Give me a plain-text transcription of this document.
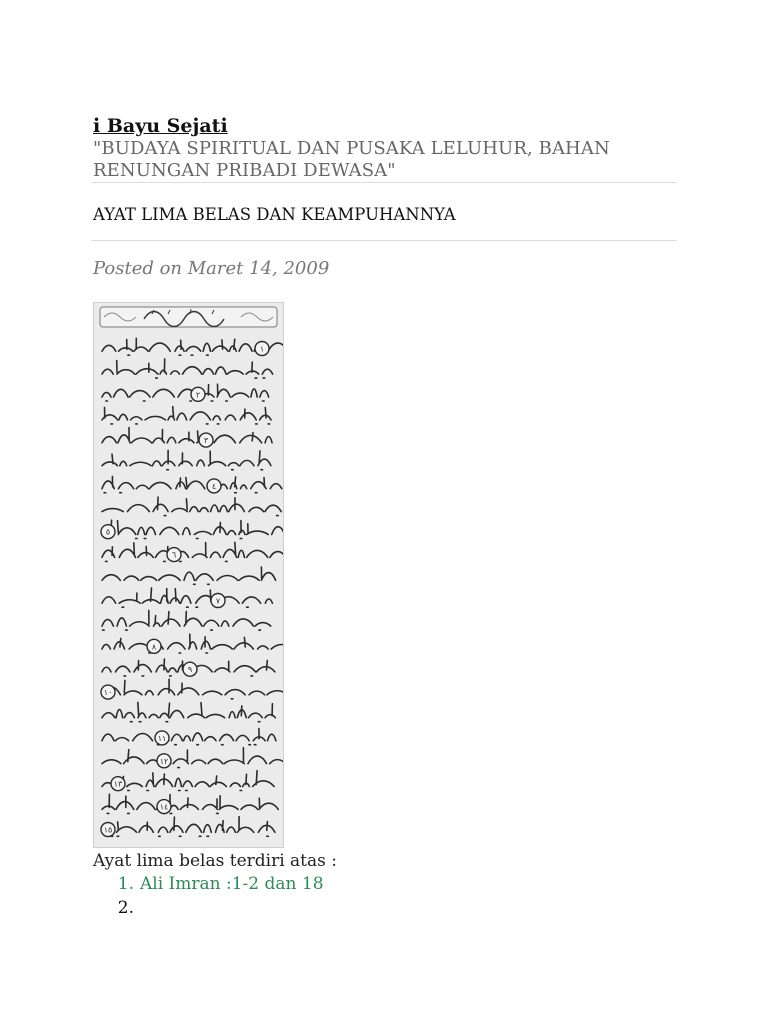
i Bayu Sejati
"BUDAYA SPIRITUAL DAN PUSAKA LELUHUR, BAHAN RENUNGAN PRIBADI DEWASA"
AYAT LIMA BELAS DAN KEAMPUHANNYA
Posted on Maret 14, 2009
١
٢
٣
٤
٥
٦
٧
٨
٩
١٠
١١
١٢
١٣
١٤
١٥
Ayat lima belas terdiri atas :
1. Ali Imran :1-2 dan 18
2.
